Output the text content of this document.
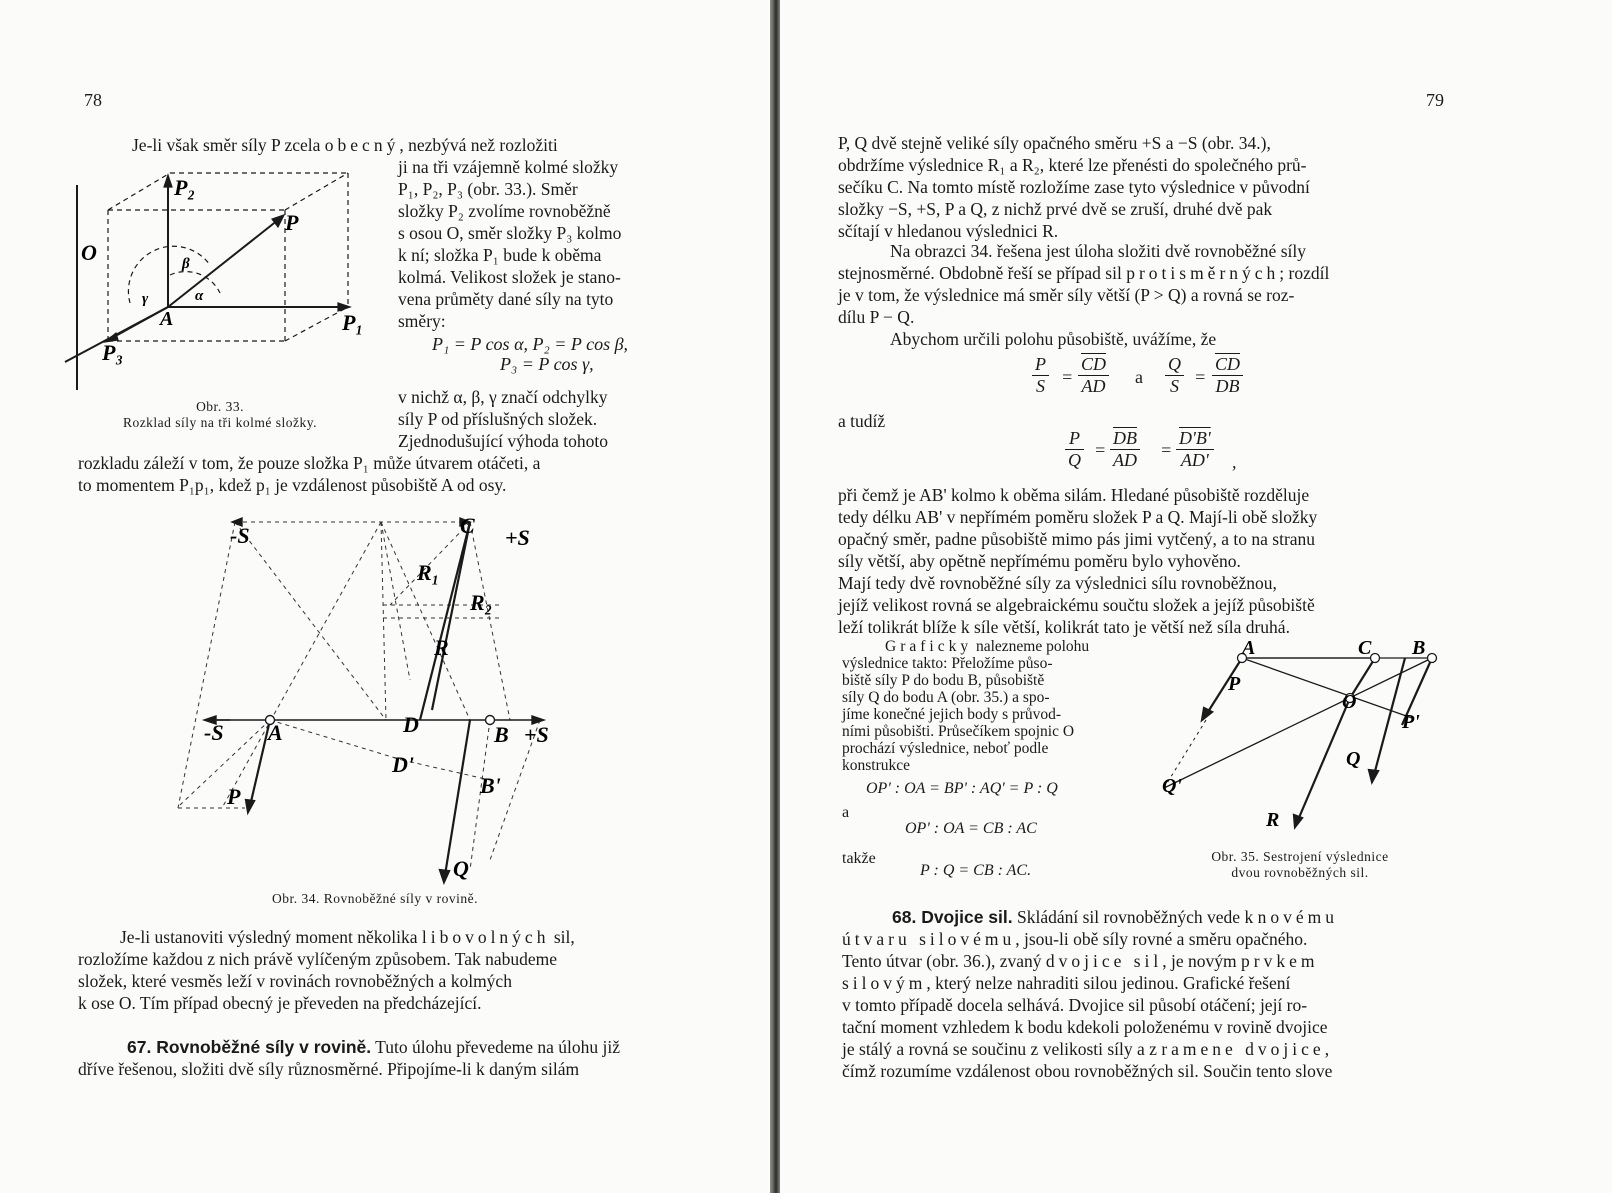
78
Je-li však směr síly P zcela obecný, nezbývá než rozložiti
ji na tři vzájemně kolmé složky
P₁, P₂, P₃ (obr. 33.). Směr
složky P₂ zvolíme rovnoběžně
s osou O, směr složky P₃ kolmo
k ní; složka P₁ bude k oběma
kolmá. Velikost složek je stano-
vena průměty dané síly na tyto
směry:
P₁ = P cos α, P₂ = P cos β,
P₃ = P cos γ,
v nichž α, β, γ značí odchylky
síly P od příslušných složek.
Zjednodušující výhoda tohoto
rozkladu záleží v tom, že pouze složka P₁ může útvarem otáčeti, a
to momentem P₁p₁, kdež p₁ je vzdálenost působiště A od osy.
O
P₂
P
A	P₁
P₃
α
β
γ
Obr. 33.
Rozklad síly na tři kolmé složky.
C
-S	+S
R₁
R₂
R
-S A	D	B +S
D'
B'
P
Q
Obr. 34. Rovnoběžné síly v rovině.
Je-li ustanoviti výsledný moment několika libovolných sil,
rozložíme každou z nich právě vylíčeným způsobem. Tak nabudeme
složek, které vesměs leží v rovinách rovnoběžných a kolmých
k ose O. Tím případ obecný je převeden na předcházející.
67. Rovnoběžné síly v rovině. Tuto úlohu převedeme na úlohu již
dříve řešenou, složiti dvě síly různosměrné. Připojíme-li k daným silám
79
P, Q dvě stejně veliké síly opačného směru +S a −S (obr. 34.),
obdržíme výslednice R₁ a R₂, které lze přenésti do společného prů-
sečíku C. Na tomto místě rozložíme zase tyto výslednice v původní
složky −S, +S, P a Q, z nichž prvé dvě se zruší, druhé dvě pak
sčítají v hledanou výslednici R.
Na obrazci 34. řešena jest úloha složiti dvě rovnoběžné síly
stejnosměrné. Obdobně řeší se případ sil protisměrných; rozdíl
je v tom, že výslednice má směr síly větší (P > Q) a rovná se roz-
dílu P − Q.
Abychom určili polohu působiště, uvážíme, že
$\frac{P}{S} = \frac{\overline{CD}}{AD}$ a $\frac{Q}{S} = \frac{\overline{CD}}{DB}$
a tudíž
$\frac{P}{Q} = \frac{\overline{DB}}{AD} = \frac{D'B'}{AD'}$ ,
při čemž je AB' kolmo k oběma silám. Hledané působiště rozděluje
tedy délku AB' v nepřímém poměru složek P a Q. Mají-li obě složky
opačný směr, padne působiště mimo pás jimi vytčený, a to na stranu
síly větší, aby opětně nepřímému poměru bylo vyhověno.
Mají tedy dvě rovnoběžné síly za výslednici sílu rovnoběžnou,
jejíž velikost rovná se algebraickému součtu složek a jejíž působiště
leží tolikrát blíže k síle větší, kolikrát tato je větší než síla druhá.
Graficky nalezneme polohu
výslednice takto: Přeložíme půso-
biště síly P do bodu B, působiště
síly Q do bodu A (obr. 35.) a spo-
jíme konečné jejich body s průvod-
ními působišti. Průsečíkem spojnic O
prochází výslednice, neboť podle
konstrukce
OP' : OA = BP' : AQ' = P : Q
a
OP' : OA = CB : AC
takže
P : Q = CB : AC.
A	C B
P
O
P'
Q
Q'
R
Obr. 35. Sestrojení výslednice
dvou rovnoběžných sil.
68. Dvojice sil. Skládání sil rovnoběžných vede k novému
útvaru silovému, jsou-li obě síly rovné a směru opačného.
Tento útvar (obr. 36.), zvaný dvojice sil, je novým prvkem
silovým, který nelze nahraditi silou jedinou. Grafické řešení
v tomto případě docela selhává. Dvojice sil působí otáčení; její ro-
tační moment vzhledem k bodu kdekoli položenému v rovině dvojice
je stálý a rovná se součinu z velikosti síly a z ramene dvojice,
čímž rozumíme vzdálenost obou rovnoběžných sil. Součin tento slove
